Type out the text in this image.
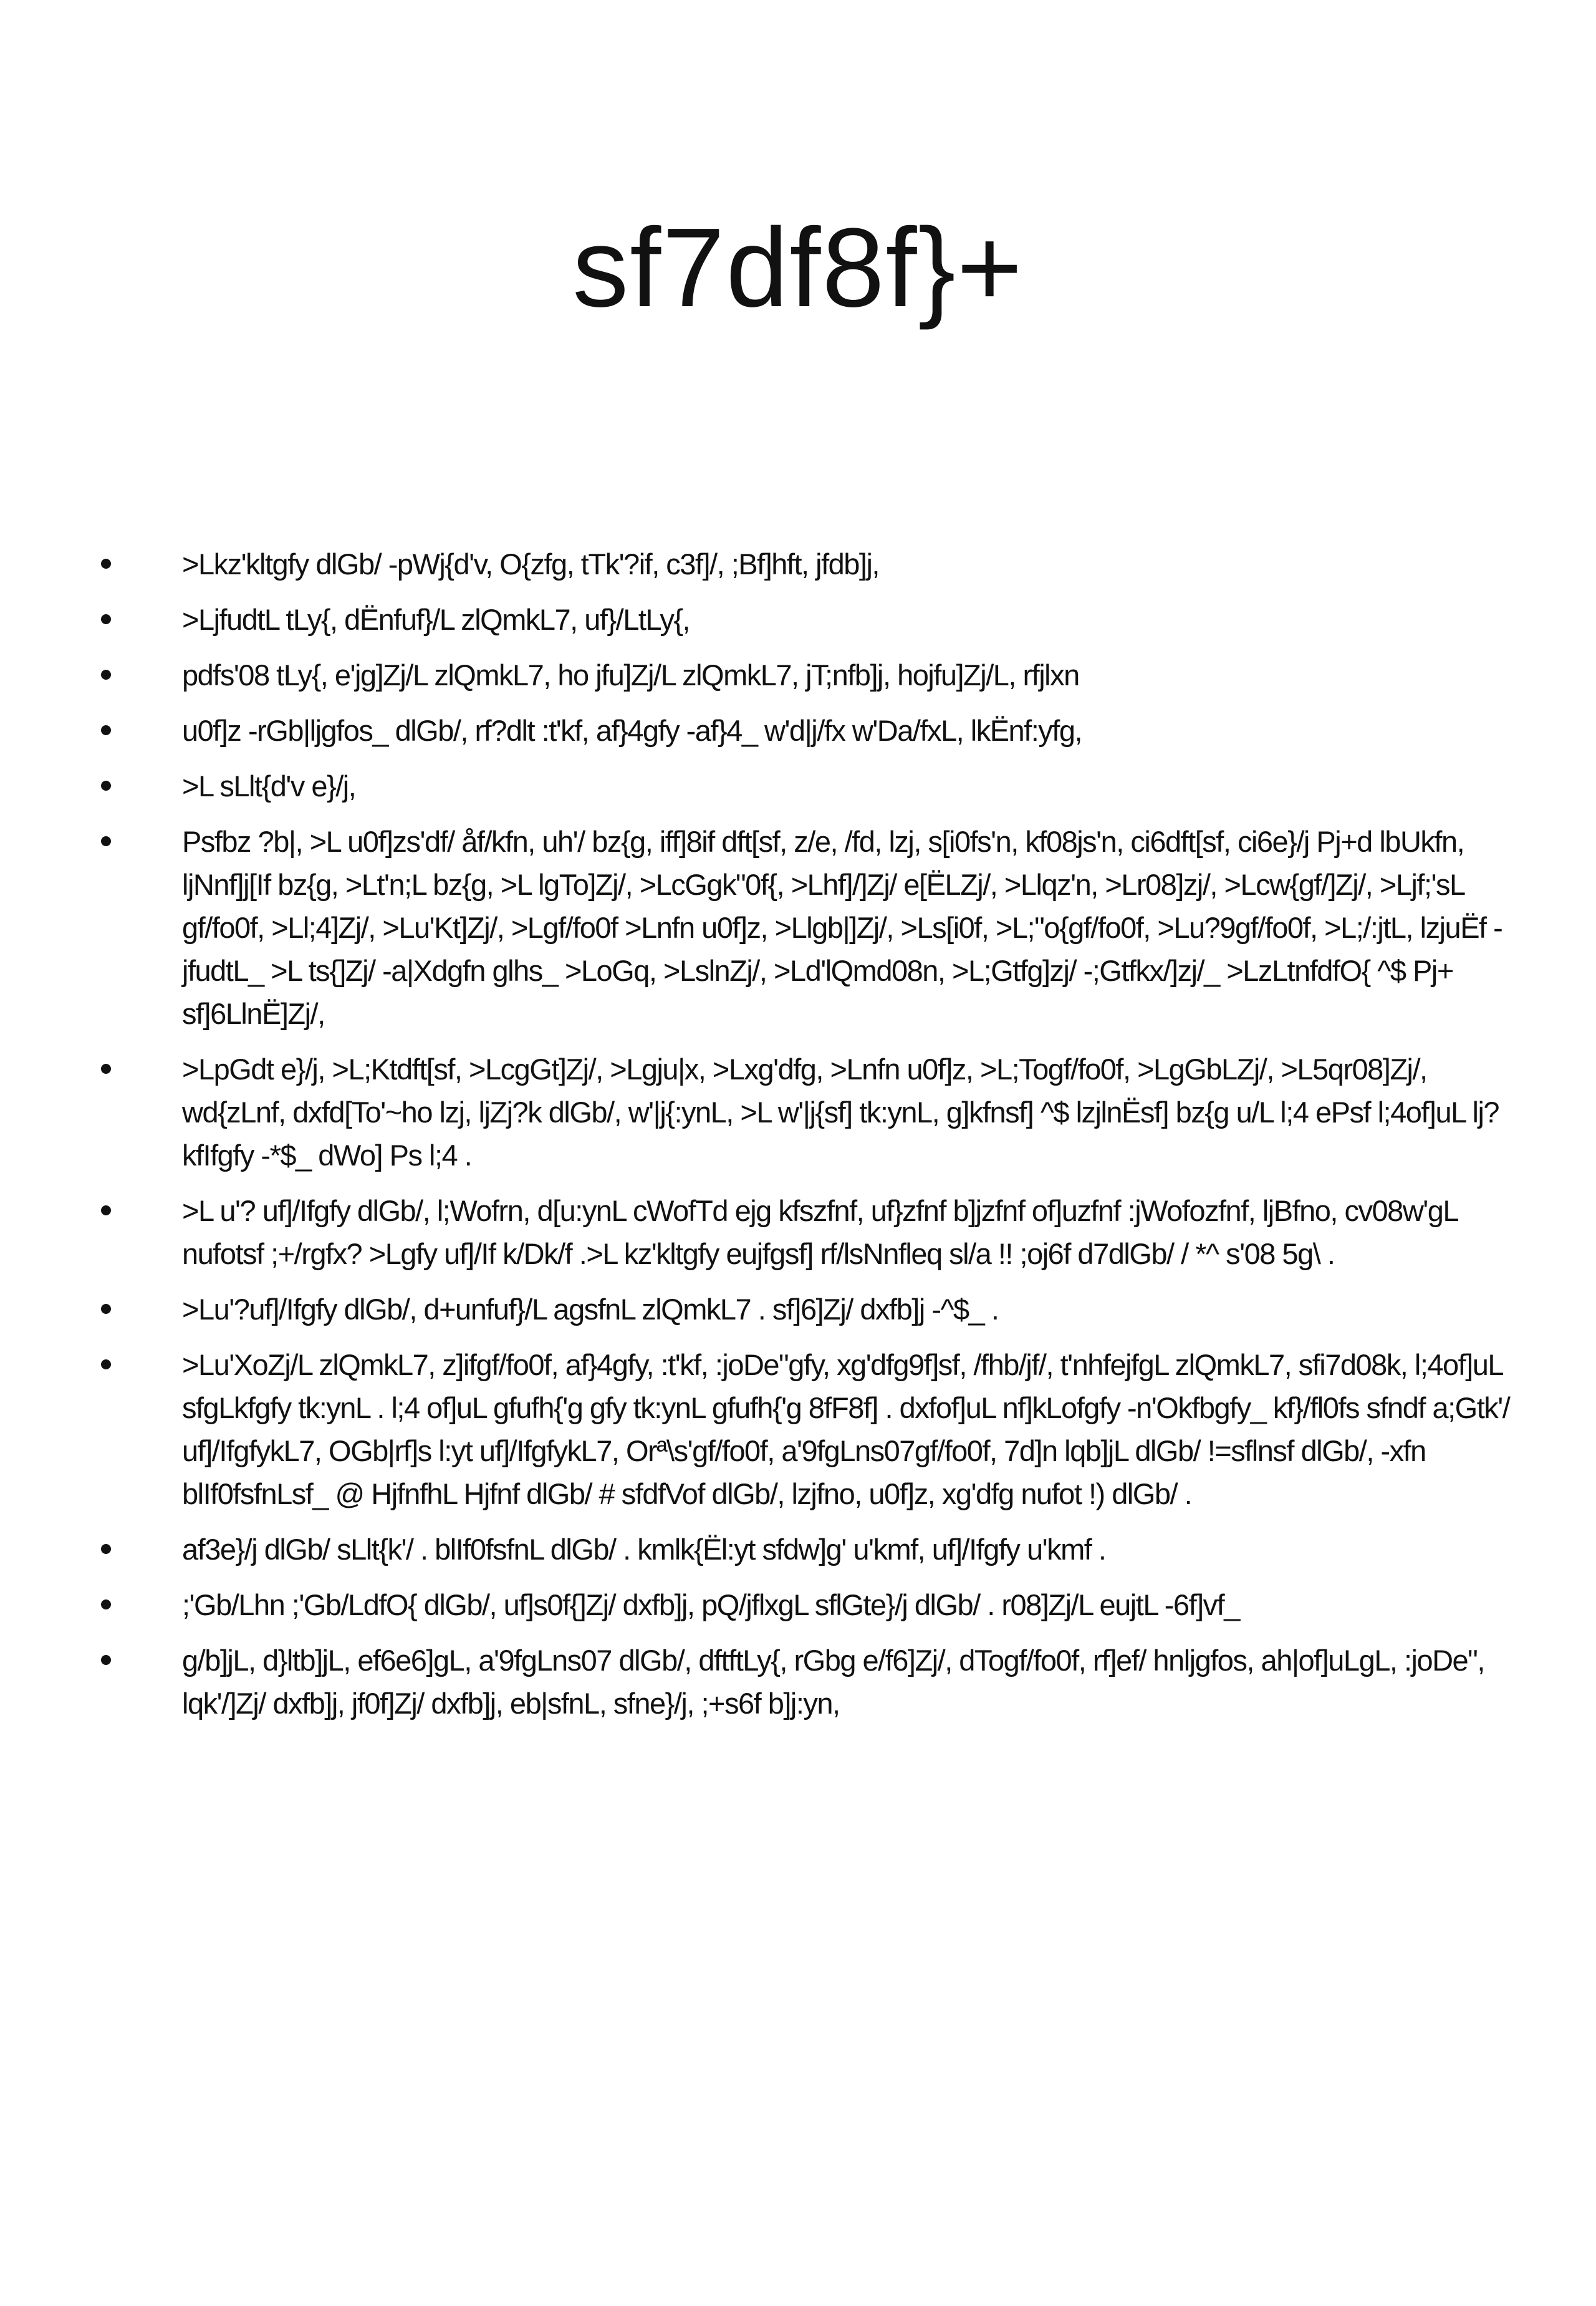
sf7df8f}+
>Lkz'kltgfy dlGb/ -pWj{d'v, O{zfg, tTk'?if, c3f]/, ;Bf]hft, jfdb]j,
>LjfudtL tLy{, dËnfuf}/L zlQmkL7, uf}/LtLy{,
pdfs'08 tLy{, e'jg]Zj/L zlQmkL7, ho jfu]Zj/L zlQmkL7, jT;nfb]j, hojfu]Zj/L, rfjlxn
u0f]z -rGb|ljgfos_ dlGb/, rf?dlt :t'kf, af}4gfy -af}4_ w'd|j/fx w'Da/fxL, lkËnf:yfg,
>L sLlt{d'v e}/j,
Psfbz ?b|, >L u0f]zs'df/ åf/kfn, uh'/ bz{g, iff]8if dft[sf, z/e, /fd, lzj, s[i0fs'n, kf08js'n, ci6dft[sf, ci6e}/j Pj+d lbUkfn, ljNnf]j[If bz{g, >Lt'n;L bz{g, >L lgTo]Zj/, >LcGgk"0f{, >Lhf]/]Zj/ e[ËLZj/, >Llqz'n, >Lr08]zj/, >Lcw{gf/]Zj/, >Ljf;'sL gf/fo0f, >Ll;4]Zj/, >Lu'Kt]Zj/, >Lgf/fo0f >Lnfn u0f]z, >Llgb|]Zj/, >Ls[i0f, >L;"o{gf/fo0f, >Lu?9gf/fo0f, >L;/:jtL, lzjuËf -jfudtL_ >L ts{]Zj/ -a|Xdgfn glhs_ >LoGq, >LslnZj/, >Ld'lQmd08n, >L;Gtfg]zj/ -;Gtfkx/]zj/_ >LzLtnfdfO{ ^$ Pj+ sf]6LlnË]Zj/,
>LpGdt e}/j, >L;Ktdft[sf, >LcgGt]Zj/, >Lgju|x, >Lxg'dfg, >Lnfn u0f]z, >L;Togf/fo0f, >LgGbLZj/, >L5qr08]Zj/, wd{zLnf, dxfd[To'~ho lzj, ljZj?k dlGb/, w'|j{:ynL, >L w'|j{sf] tk:ynL, g]kfnsf] ^$ lzjlnËsf] bz{g u/L l;4 ePsf l;4of]uL lj?kfIfgfy -*$_ dWo] Ps l;4 .
>L u'? uf]/Ifgfy dlGb/, l;Wofrn, d[u:ynL cWofTd ejg kfszfnf, uf}zfnf b]jzfnf of]uzfnf :jWofozfnf, ljBfno, cv08w'gL nufotsf ;+/rgfx? >Lgfy uf]/If k/Dk/f .>L kz'kltgfy eujfgsf] rf/lsNnfleq sl/a !! ;oj6f d7dlGb/ / *^ s'08 5g\ .
>Lu'?uf]/Ifgfy dlGb/, d+unfuf}/L agsfnL zlQmkL7 . sf]6]Zj/ dxfb]j -^$_ .
>Lu'XoZj/L zlQmkL7, z]ifgf/fo0f, af}4gfy, :t'kf, :joDe"gfy, xg'dfg9f]sf, /fhb/jf/, t'nhfejfgL zlQmkL7, sfi7d08k, l;4of]uL sfgLkfgfy tk:ynL . l;4 of]uL gfufh{'g gfy tk:ynL gfufh{'g 8fF8f] . dxfof]uL nf]kLofgfy -n'Okfbgfy_ kf}/fl0fs sfndf a;Gtk'/ uf]/IfgfykL7, OGb|rf]s l:yt uf]/IfgfykL7, Orª\s'gf/fo0f, a'9fgLns07gf/fo0f, 7d]n lqb]jL dlGb/ !=sflnsf dlGb/, -xfn blIf0fsfnLsf_ @ HjfnfhL Hjfnf dlGb/ # sfdfVof dlGb/, lzjfno, u0f]z, xg'dfg nufot !) dlGb/ .
af3e}/j dlGb/ sLlt{k'/ . blIf0fsfnL dlGb/ . kmlk{Ël:yt sfdw]g' u'kmf, uf]/Ifgfy u'kmf .
;'Gb/Lhn ;'Gb/LdfO{ dlGb/, uf]s0f{]Zj/ dxfb]j, pQ/jflxgL sflGte}/j dlGb/ . r08]Zj/L eujtL -6f]vf_
g/b]jL, d}ltb]jL, ef6e6]gL, a'9fgLns07 dlGb/, dftftLy{, rGbg e/f6]Zj/, dTogf/fo0f, rf]ef/ hnljgfos, ah|of]uLgL, :joDe", lqk'/]Zj/ dxfb]j, jf0f]Zj/ dxfb]j, eb|sfnL, sfne}/j, ;+s6f b]j:yn,
